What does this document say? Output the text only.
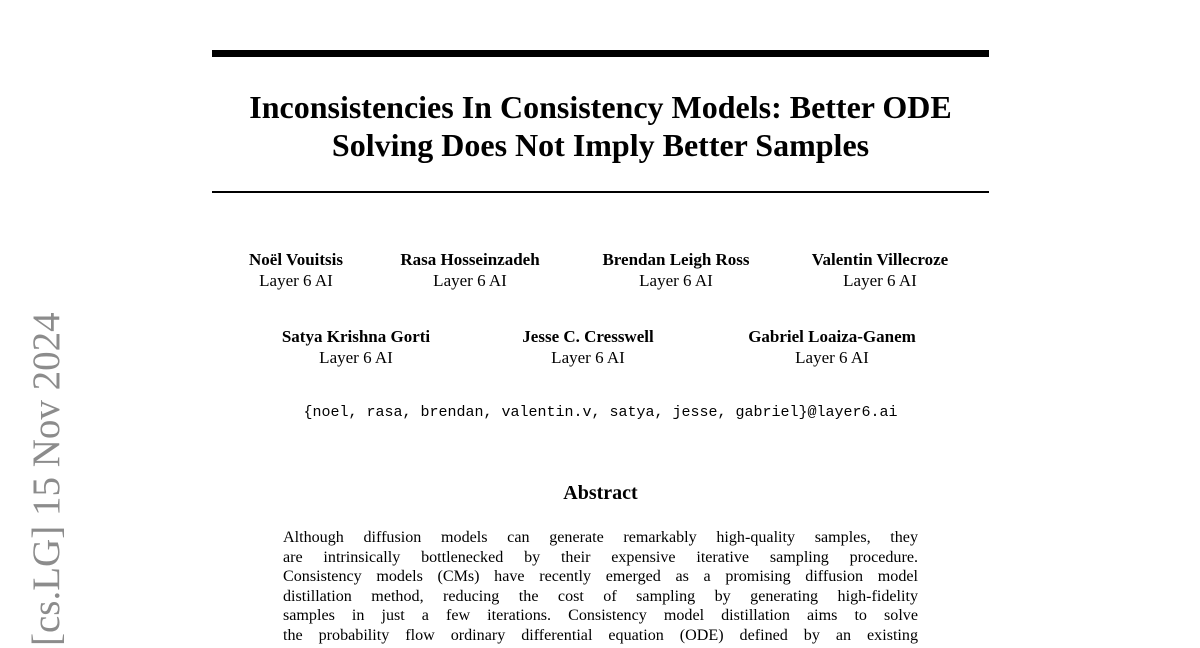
[cs.LG] 15 Nov 2024
Inconsistencies In Consistency Models: Better ODE
Solving Does Not Imply Better Samples
Noël Vouitsis
Layer 6 AI
Rasa Hosseinzadeh
Layer 6 AI
Brendan Leigh Ross
Layer 6 AI
Valentin Villecroze
Layer 6 AI
Satya Krishna Gorti
Layer 6 AI
Jesse C. Cresswell
Layer 6 AI
Gabriel Loaiza-Ganem
Layer 6 AI
{noel, rasa, brendan, valentin.v, satya, jesse, gabriel}@layer6.ai
Abstract
Although diffusion models can generate remarkably high-quality samples, they
are intrinsically bottlenecked by their expensive iterative sampling procedure.
Consistency models (CMs) have recently emerged as a promising diffusion model
distillation method, reducing the cost of sampling by generating high-fidelity
samples in just a few iterations. Consistency model distillation aims to solve
the probability flow ordinary differential equation (ODE) defined by an existing
